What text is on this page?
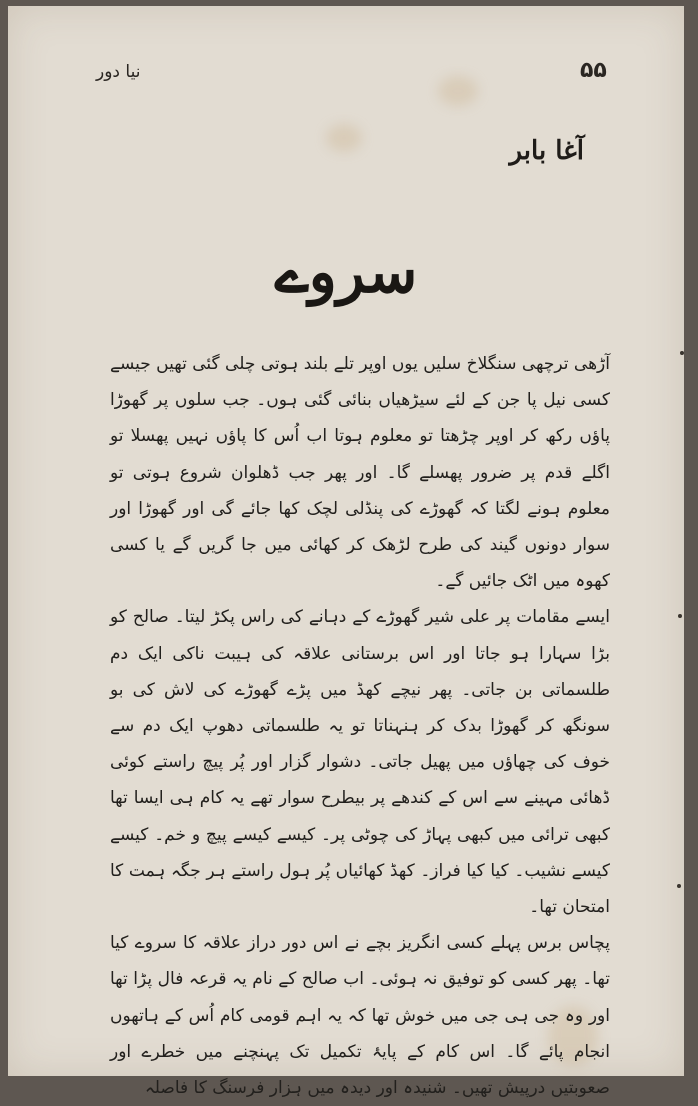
۵۵
نیا دور
آغا بابر
سروے

آڑھی ترچھی سنگلاخ سلیں یوں اوپر تلے بلند ہوتی چلی گئی تھیں جیسے کسی نیل پا جن کے لئے سیڑھیاں بنائی گئی ہوں۔ جب سلوں پر گھوڑا پاؤں رکھ کر اوپر چڑھتا تو معلوم ہوتا اب اُس کا پاؤں نہیں پھسلا تو اگلے قدم پر ضرور پھسلے گا۔ اور پھر جب ڈھلوان شروع ہوتی تو معلوم ہونے لگتا کہ گھوڑے کی پنڈلی لچک کھا جائے گی اور گھوڑا اور سوار دونوں گیند کی طرح لڑھک کر کھائی میں جا گریں گے یا کسی کھوہ میں اٹک جائیں گے۔

ایسے مقامات پر علی شیر گھوڑے کے دہانے کی راس پکڑ لیتا۔ صالح کو بڑا سہارا ہو جاتا اور اس برستانی علاقہ کی ہیبت ناکی ایک دم طلسماتی بن جاتی۔ پھر نیچے کھڈ میں پڑے گھوڑے کی لاش کی بو سونگھ کر گھوڑا بدک کر ہنہناتا تو یہ طلسماتی دھوپ ایک دم سے خوف کی چھاؤں میں پھیل جاتی۔ دشوار گزار اور پُر پیچ راستے کوئی ڈھائی مہینے سے اس کے کندھے پر بیطرح سوار تھے یہ کام ہی ایسا تھا کبھی ترائی میں کبھی پہاڑ کی چوٹی پر۔ کیسے کیسے پیچ و خم۔ کیسے کیسے نشیب۔ کیا کیا فراز۔ کھڈ کھائیاں پُر ہول راستے ہر جگہ ہمت کا امتحان تھا۔

پچاس برس پہلے کسی انگریز بچے نے اس دور دراز علاقہ کا سروے کیا تھا۔ پھر کسی کو توفیق نہ ہوئی۔ اب صالح کے نام یہ قرعہ فال پڑا تھا اور وہ جی ہی جی میں خوش تھا کہ یہ اہم قومی کام اُس کے ہاتھوں انجام پائے گا۔ اس کام کے پایۂ تکمیل تک پہنچنے میں خطرے اور صعوبتیں درپیش تھیں۔ شنیدہ اور دیدہ میں ہزار فرسنگ کا فاصلہ
